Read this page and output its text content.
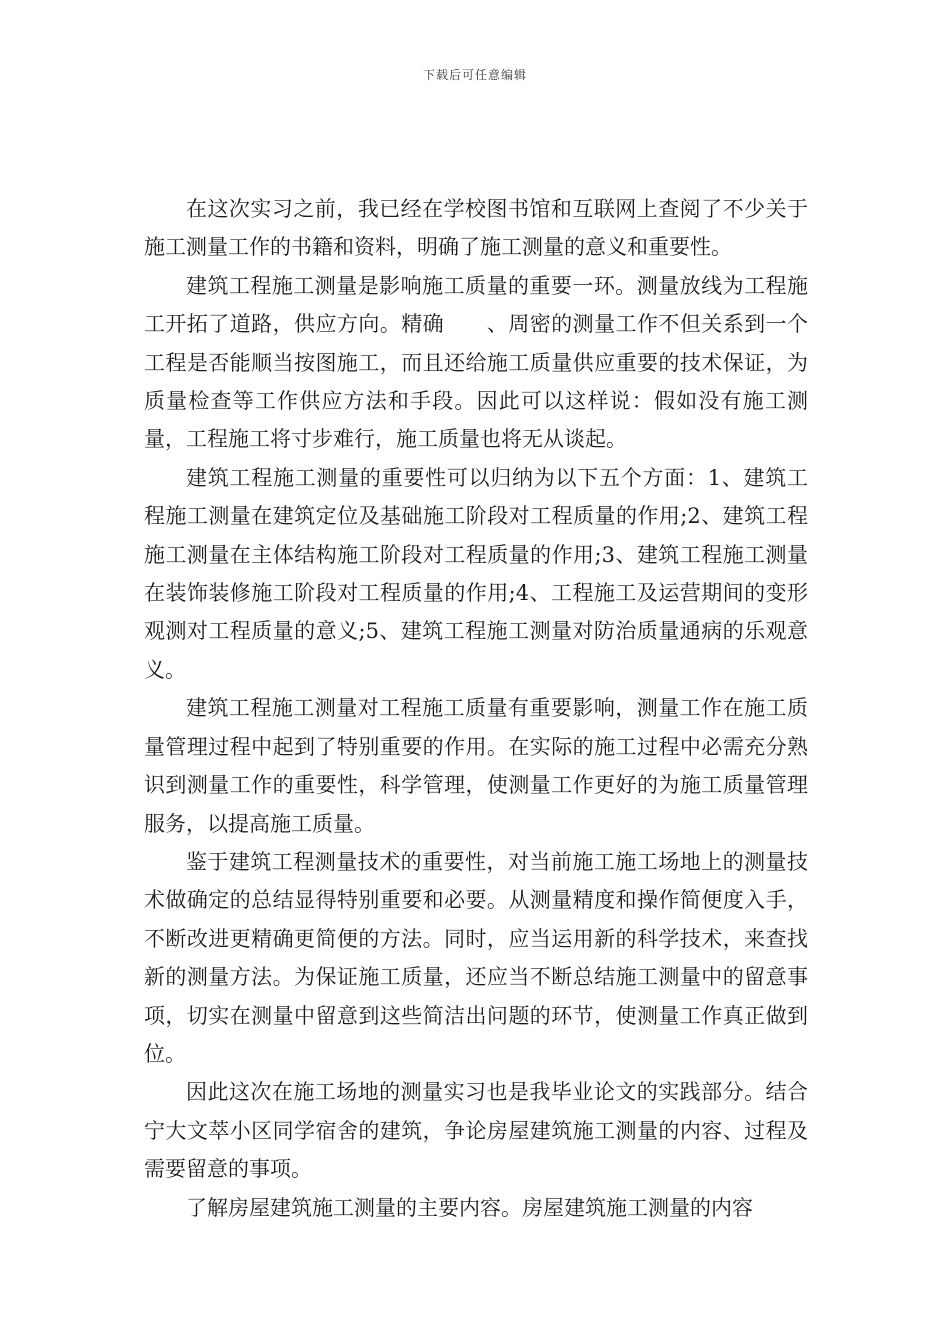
下载后可任意编辑

在这次实习之前，我已经在学校图书馆和互联网上查阅了不少关于施工测量工作的书籍和资料，明确了施工测量的意义和重要性。

建筑工程施工测量是影响施工质量的重要一环。测量放线为工程施工开拓了道路，供应方向。精确　　、周密的测量工作不但关系到一个工程是否能顺当按图施工，而且还给施工质量供应重要的技术保证，为质量检查等工作供应方法和手段。因此可以这样说：假如没有施工测量，工程施工将寸步难行，施工质量也将无从谈起。

建筑工程施工测量的重要性可以归纳为以下五个方面：1、建筑工程施工测量在建筑定位及基础施工阶段对工程质量的作用;2、建筑工程施工测量在主体结构施工阶段对工程质量的作用;3、建筑工程施工测量在装饰装修施工阶段对工程质量的作用;4、工程施工及运营期间的变形观测对工程质量的意义;5、建筑工程施工测量对防治质量通病的乐观意义。

建筑工程施工测量对工程施工质量有重要影响，测量工作在施工质量管理过程中起到了特别重要的作用。在实际的施工过程中必需充分熟识到测量工作的重要性，科学管理，使测量工作更好的为施工质量管理服务，以提高施工质量。

鉴于建筑工程测量技术的重要性，对当前施工施工场地上的测量技术做确定的总结显得特别重要和必要。从测量精度和操作简便度入手，不断改进更精确更简便的方法。同时，应当运用新的科学技术，来查找新的测量方法。为保证施工质量，还应当不断总结施工测量中的留意事项，切实在测量中留意到这些简洁出问题的环节，使测量工作真正做到位。

因此这次在施工场地的测量实习也是我毕业论文的实践部分。结合宁大文萃小区同学宿舍的建筑，争论房屋建筑施工测量的内容、过程及需要留意的事项。

了解房屋建筑施工测量的主要内容。房屋建筑施工测量的内容
